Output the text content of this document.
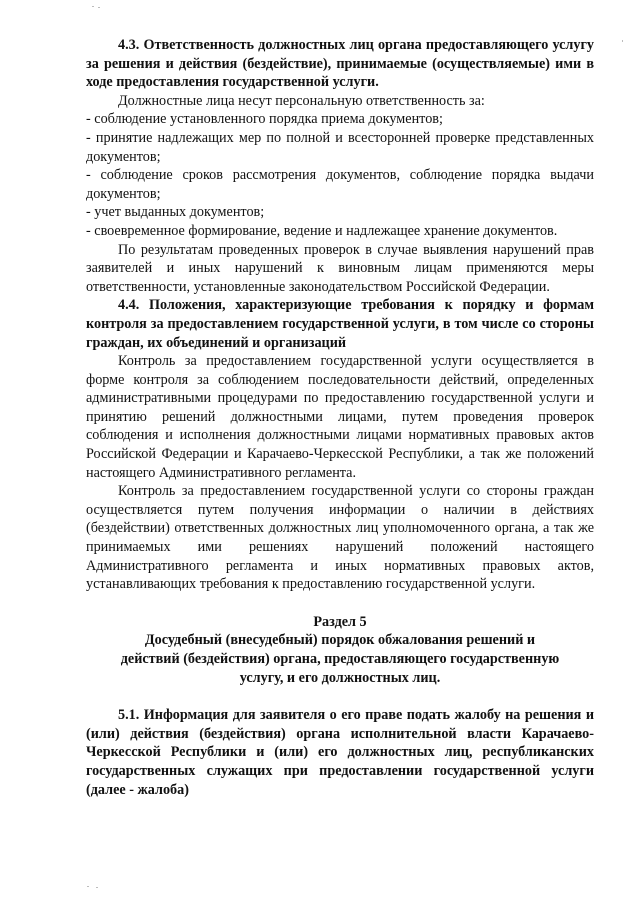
4.3. Ответственность должностных лиц органа предоставляющего услугу за решения и действия (бездействие), принимаемые (осуществляемые) ими в ходе предоставления государственной услуги.

Должностные лица несут персональную ответственность за:

- соблюдение установленного порядка приема документов;

- принятие надлежащих мер по полной и всесторонней проверке представленных документов;

- соблюдение сроков рассмотрения документов, соблюдение порядка выдачи документов;

- учет выданных документов;

- своевременное формирование, ведение и надлежащее хранение документов.

По результатам проведенных проверок в случае выявления нарушений прав заявителей и иных нарушений к виновным лицам применяются меры ответственности, установленные законодательством Российской Федерации.

4.4. Положения, характеризующие требования к порядку и формам контроля за предоставлением государственной услуги, в том числе со стороны граждан, их объединений и организаций

Контроль за предоставлением государственной услуги осуществляется в форме контроля за соблюдением последовательности действий, определенных административными процедурами по предоставлению государственной услуги и принятию решений должностными лицами, путем проведения проверок соблюдения и исполнения должностными лицами нормативных правовых актов Российской Федерации и Карачаево-Черкесской Республики, а так же положений настоящего Административного регламента.

Контроль за предоставлением государственной услуги со стороны граждан осуществляется путем получения информации о наличии в действиях (бездействии) ответственных должностных лиц уполномоченного органа, а так же принимаемых ими решениях нарушений положений настоящего Административного регламента и иных нормативных правовых актов, устанавливающих требования к предоставлению государственной услуги.

Раздел 5

Досудебный (внесудебный) порядок обжалования решений и

действий (бездействия) органа, предоставляющего государственную

услугу, и его должностных лиц.

5.1. Информация для заявителя о его праве подать жалобу на решения и (или) действия (бездействия) органа исполнительной власти Карачаево-Черкесской Республики и (или) его должностных лиц, республиканских государственных служащих при предоставлении государственной услуги (далее - жалоба)
